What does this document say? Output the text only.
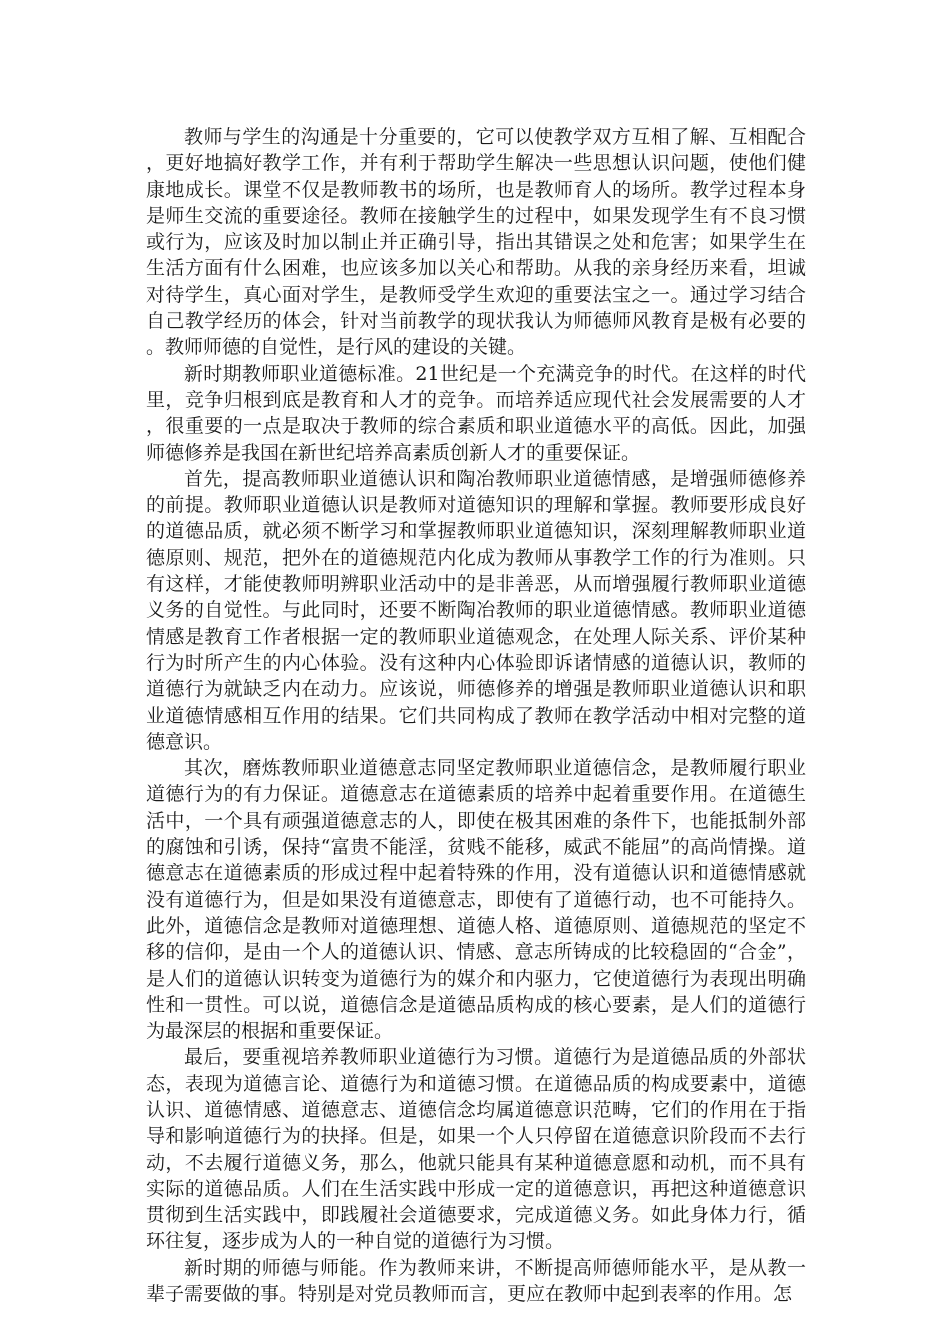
教师与学生的沟通是十分重要的，它可以使教学双方互相了解、互相配合，更好地搞好教学工作，并有利于帮助学生解决一些思想认识问题，使他们健康地成长。课堂不仅是教师教书的场所，也是教师育人的场所。教学过程本身是师生交流的重要途径。教师在接触学生的过程中，如果发现学生有不良习惯或行为，应该及时加以制止并正确引导，指出其错误之处和危害；如果学生在生活方面有什么困难，也应该多加以关心和帮助。从我的亲身经历来看，坦诚对待学生，真心面对学生，是教师受学生欢迎的重要法宝之一。通过学习结合自己教学经历的体会，针对当前教学的现状我认为师德师风教育是极有必要的。教师师德的自觉性，是行风的建设的关键。

新时期教师职业道德标准。21世纪是一个充满竞争的时代。在这样的时代里，竞争归根到底是教育和人才的竞争。而培养适应现代社会发展需要的人才，很重要的一点是取决于教师的综合素质和职业道德水平的高低。因此，加强师德修养是我国在新世纪培养高素质创新人才的重要保证。

首先，提高教师职业道德认识和陶冶教师职业道德情感，是增强师德修养的前提。教师职业道德认识是教师对道德知识的理解和掌握。教师要形成良好的道德品质，就必须不断学习和掌握教师职业道德知识，深刻理解教师职业道德原则、规范，把外在的道德规范内化成为教师从事教学工作的行为准则。只有这样，才能使教师明辨职业活动中的是非善恶，从而增强履行教师职业道德义务的自觉性。与此同时，还要不断陶冶教师的职业道德情感。教师职业道德情感是教育工作者根据一定的教师职业道德观念，在处理人际关系、评价某种行为时所产生的内心体验。没有这种内心体验即诉诸情感的道德认识，教师的道德行为就缺乏内在动力。应该说，师德修养的增强是教师职业道德认识和职业道德情感相互作用的结果。它们共同构成了教师在教学活动中相对完整的道德意识。

其次，磨炼教师职业道德意志同坚定教师职业道德信念，是教师履行职业道德行为的有力保证。道德意志在道德素质的培养中起着重要作用。在道德生活中，一个具有顽强道德意志的人，即使在极其困难的条件下，也能抵制外部的腐蚀和引诱，保持“富贵不能淫，贫贱不能移，威武不能屈”的高尚情操。道德意志在道德素质的形成过程中起着特殊的作用，没有道德认识和道德情感就没有道德行为，但是如果没有道德意志，即使有了道德行动，也不可能持久。此外，道德信念是教师对道德理想、道德人格、道德原则、道德规范的坚定不移的信仰，是由一个人的道德认识、情感、意志所铸成的比较稳固的“合金”，是人们的道德认识转变为道德行为的媒介和内驱力，它使道德行为表现出明确性和一贯性。可以说，道德信念是道德品质构成的核心要素，是人们的道德行为最深层的根据和重要保证。

最后，要重视培养教师职业道德行为习惯。道德行为是道德品质的外部状态，表现为道德言论、道德行为和道德习惯。在道德品质的构成要素中，道德认识、道德情感、道德意志、道德信念均属道德意识范畴，它们的作用在于指导和影响道德行为的抉择。但是，如果一个人只停留在道德意识阶段而不去行动，不去履行道德义务，那么，他就只能具有某种道德意愿和动机，而不具有实际的道德品质。人们在生活实践中形成一定的道德意识，再把这种道德意识贯彻到生活实践中，即践履社会道德要求，完成道德义务。如此身体力行，循环往复，逐步成为人的一种自觉的道德行为习惯。

新时期的师德与师能。作为教师来讲，不断提高师德师能水平，是从教一辈子需要做的事。特别是对党员教师而言，更应在教师中起到表率的作用。怎
